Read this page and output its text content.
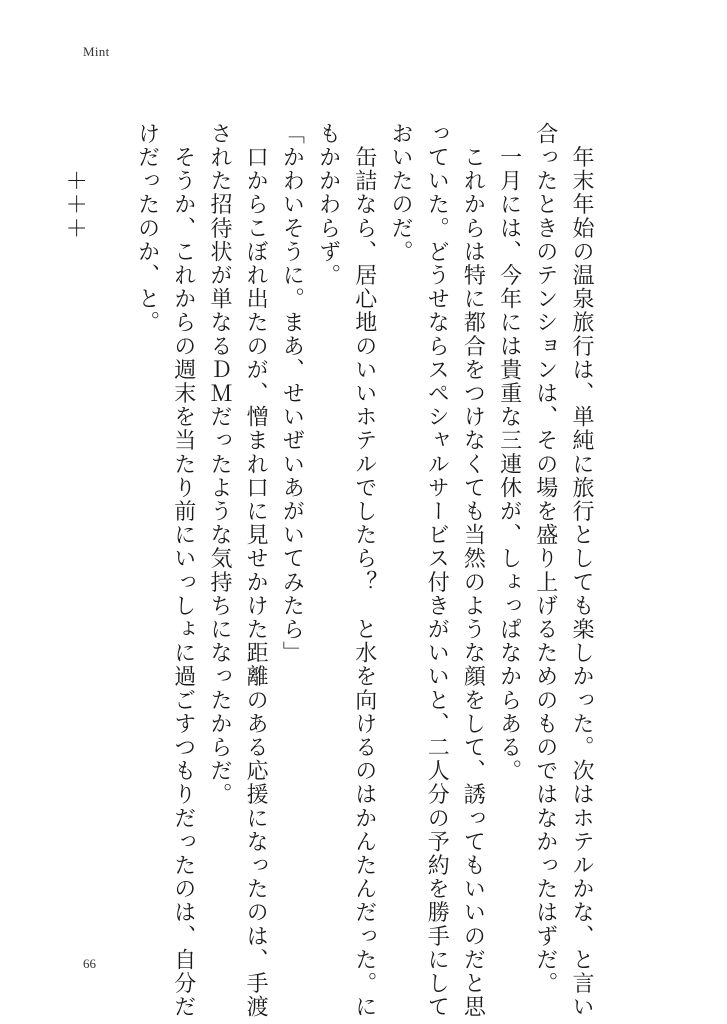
Mint

　年末年始の温泉旅行は、単純に旅行としても楽しかった。次はホテルかな、と言い

合ったときのテンションは、その場を盛り上げるためのものではなかったはずだ。

　一月には、今年には貴重な三連休が、しょっぱなからある。

　これからは特に都合をつけなくても当然のような顔をして、誘ってもいいのだと思

っていた。どうせならスペシャルサービス付きがいいと、二人分の予約を勝手にして

おいたのだ。

　缶詰なら、居心地のいいホテルでしたら？　と水を向けるのはかんたんだった。に

もかかわらず。

「かわいそうに。まあ、せいぜいあがいてみたら」

　口からこぼれ出たのが、憎まれ口に見せかけた距離のある応援になったのは、手渡

された招待状が単なるＤＭだったような気持ちになったからだ。

　そうか、これからの週末を当たり前にいっしょに過ごすつもりだったのは、自分だ

けだったのか、と。

　　＋＋＋

66
